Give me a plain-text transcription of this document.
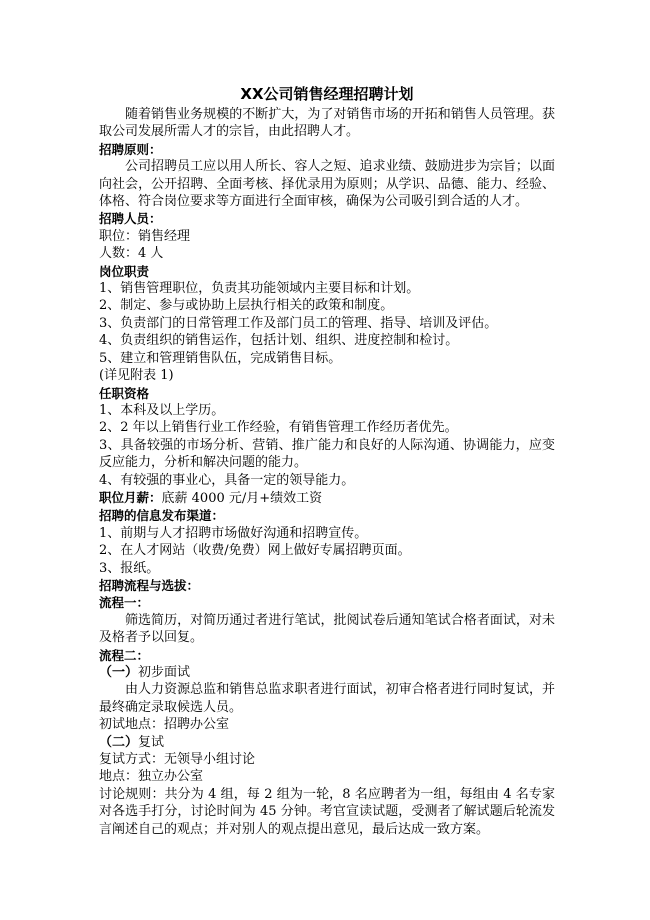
XX公司销售经理招聘计划

随着销售业务规模的不断扩大，为了对销售市场的开拓和销售人员管理。获取公司发展所需人才的宗旨，由此招聘人才。

招聘原则：

公司招聘员工应以用人所长、容人之短、追求业绩、鼓励进步为宗旨；以面向社会，公开招聘、全面考核、择优录用为原则；从学识、品德、能力、经验、体格、符合岗位要求等方面进行全面审核，确保为公司吸引到合适的人才。

招聘人员：

职位：销售经理

人数：4 人

岗位职责

1、销售管理职位，负责其功能领域内主要目标和计划。

2、制定、参与或协助上层执行相关的政策和制度。

3、负责部门的日常管理工作及部门员工的管理、指导、培训及评估。

4、负责组织的销售运作，包括计划、组织、进度控制和检讨。

5、建立和管理销售队伍，完成销售目标。

(详见附表 1)

任职资格

1、本科及以上学历。

2、2 年以上销售行业工作经验，有销售管理工作经历者优先。

3、具备较强的市场分析、营销、推广能力和良好的人际沟通、协调能力，应变反应能力，分析和解决问题的能力。

4、有较强的事业心，具备一定的领导能力。

职位月薪：底薪 4000 元/月+绩效工资

招聘的信息发布渠道：

1、前期与人才招聘市场做好沟通和招聘宣传。

2、在人才网站（收费/免费）网上做好专属招聘页面。

3、报纸。

招聘流程与选拔：
流程一：

筛选简历，对简历通过者进行笔试，批阅试卷后通知笔试合格者面试，对未及格者予以回复。

流程二：

（一）初步面试

由人力资源总监和销售总监求职者进行面试，初审合格者进行同时复试，并最终确定录取候选人员。

初试地点：招聘办公室

（二）复试

复试方式：无领导小组讨论

地点：独立办公室

讨论规则：共分为 4 组，每 2 组为一轮，8 名应聘者为一组，每组由 4 名专家对各选手打分，讨论时间为 45 分钟。考官宣读试题，受测者了解试题后轮流发言阐述自己的观点；并对别人的观点提出意见，最后达成一致方案。
